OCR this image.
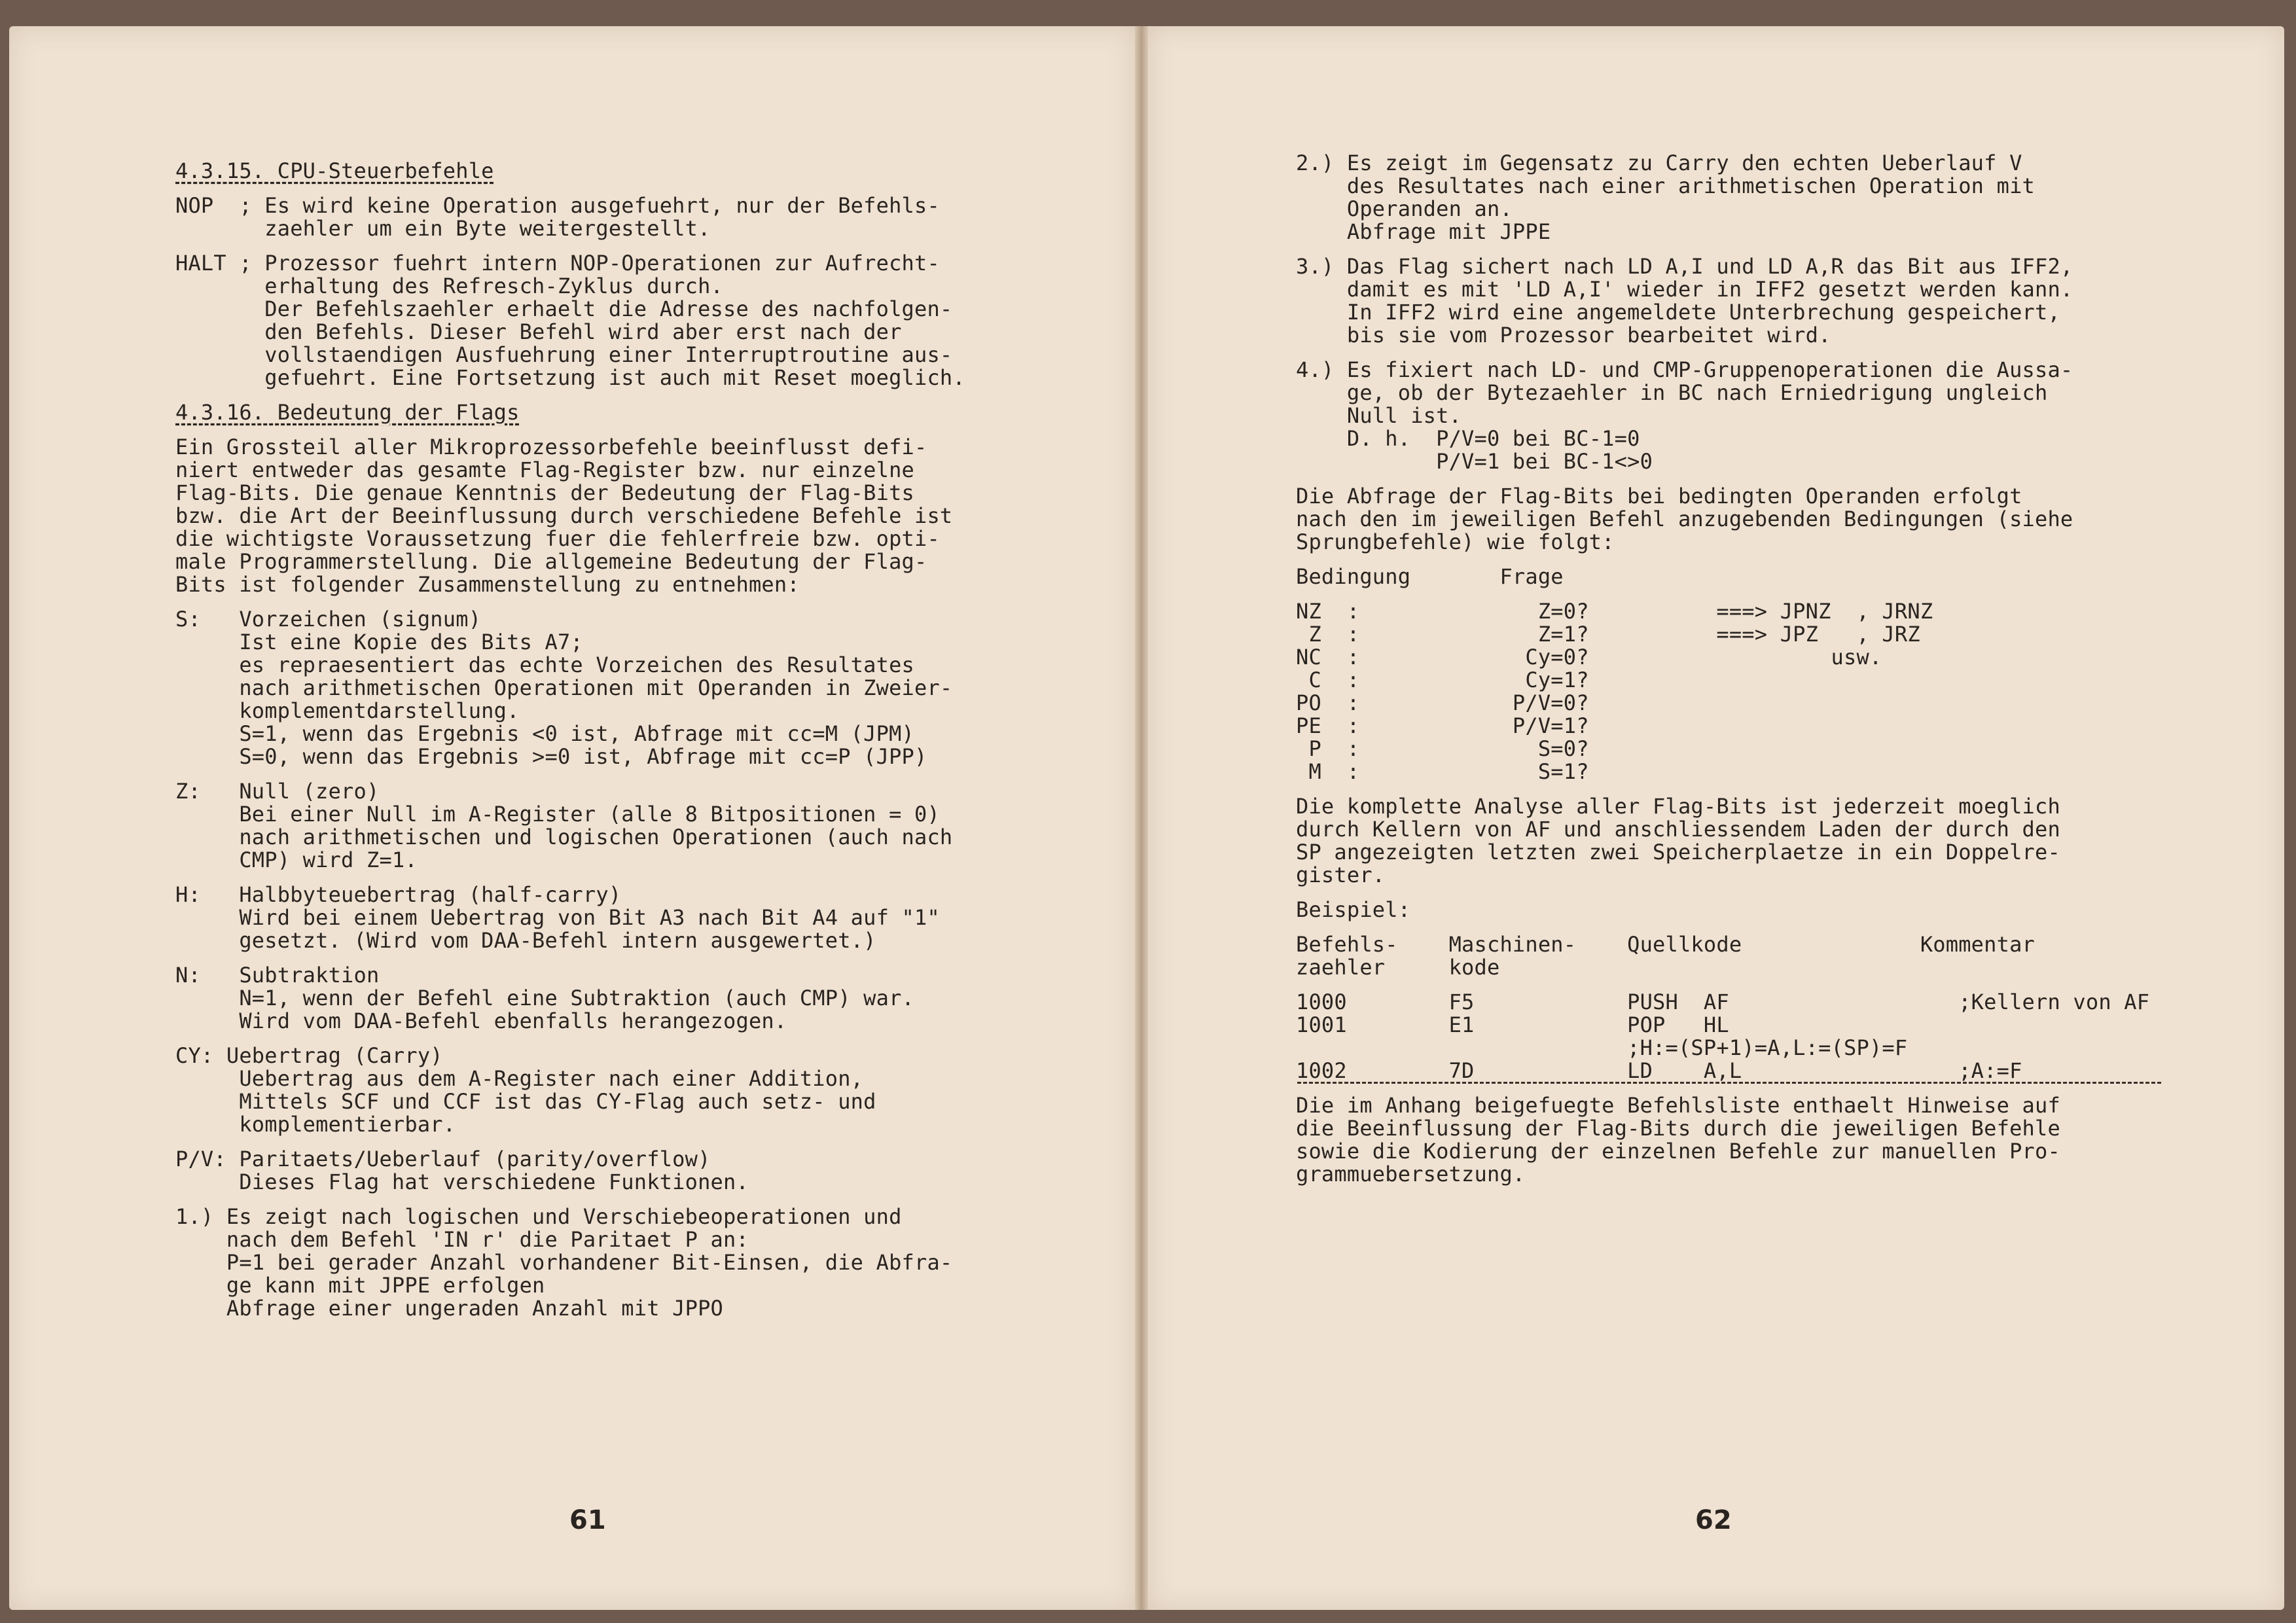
4.3.15. CPU-Steuerbefehle
NOP  ; Es wird keine Operation ausgefuehrt, nur der Befehls-
zaehler um ein Byte weitergestellt.
HALT ; Prozessor fuehrt intern NOP-Operationen zur Aufrecht-
erhaltung des Refresch-Zyklus durch.
Der Befehlszaehler erhaelt die Adresse des nachfolgen-
den Befehls. Dieser Befehl wird aber erst nach der
vollstaendigen Ausfuehrung einer Interruptroutine aus-
gefuehrt. Eine Fortsetzung ist auch mit Reset moeglich.
4.3.16. Bedeutung der Flags
Ein Grossteil aller Mikroprozessorbefehle beeinflusst defi-
niert entweder das gesamte Flag-Register bzw. nur einzelne
Flag-Bits. Die genaue Kenntnis der Bedeutung der Flag-Bits
bzw. die Art der Beeinflussung durch verschiedene Befehle ist
die wichtigste Voraussetzung fuer die fehlerfreie bzw. opti-
male Programmerstellung. Die allgemeine Bedeutung der Flag-
Bits ist folgender Zusammenstellung zu entnehmen:
S:   Vorzeichen (signum)
Ist eine Kopie des Bits A7;
es repraesentiert das echte Vorzeichen des Resultates
nach arithmetischen Operationen mit Operanden in Zweier-
komplementdarstellung.
S=1, wenn das Ergebnis <0 ist, Abfrage mit cc=M (JPM)
S=0, wenn das Ergebnis >=0 ist, Abfrage mit cc=P (JPP)
Z:   Null (zero)
Bei einer Null im A-Register (alle 8 Bitpositionen = 0)
nach arithmetischen und logischen Operationen (auch nach
CMP) wird Z=1.
H:   Halbbyteuebertrag (half-carry)
Wird bei einem Uebertrag von Bit A3 nach Bit A4 auf "1"
gesetzt. (Wird vom DAA-Befehl intern ausgewertet.)
N:   Subtraktion
N=1, wenn der Befehl eine Subtraktion (auch CMP) war.
Wird vom DAA-Befehl ebenfalls herangezogen.
CY: Uebertrag (Carry)
Uebertrag aus dem A-Register nach einer Addition,
Mittels SCF und CCF ist das CY-Flag auch setz- und
komplementierbar.
P/V: Paritaets/Ueberlauf (parity/overflow)
Dieses Flag hat verschiedene Funktionen.
1.) Es zeigt nach logischen und Verschiebeoperationen und
nach dem Befehl 'IN r' die Paritaet P an:
P=1 bei gerader Anzahl vorhandener Bit-Einsen, die Abfra-
ge kann mit JPPE erfolgen
Abfrage einer ungeraden Anzahl mit JPPO
2.) Es zeigt im Gegensatz zu Carry den echten Ueberlauf V
des Resultates nach einer arithmetischen Operation mit
Operanden an.
Abfrage mit JPPE
3.) Das Flag sichert nach LD A,I und LD A,R das Bit aus IFF2,
damit es mit 'LD A,I' wieder in IFF2 gesetzt werden kann.
In IFF2 wird eine angemeldete Unterbrechung gespeichert,
bis sie vom Prozessor bearbeitet wird.
4.) Es fixiert nach LD- und CMP-Gruppenoperationen die Aussa-
ge, ob der Bytezaehler in BC nach Erniedrigung ungleich
Null ist.
D. h.  P/V=0 bei BC-1=0
P/V=1 bei BC-1<>0
Die Abfrage der Flag-Bits bei bedingten Operanden erfolgt
nach den im jeweiligen Befehl anzugebenden Bedingungen (siehe
Sprungbefehle) wie folgt:
Bedingung       Frage
NZ  :              Z=0?          ===> JPNZ  , JRNZ
Z  :              Z=1?          ===> JPZ   , JRZ
NC  :             Cy=0?                   usw.
C  :             Cy=1?
PO  :            P/V=0?
PE  :            P/V=1?
P  :              S=0?
M  :              S=1?
Die komplette Analyse aller Flag-Bits ist jederzeit moeglich
durch Kellern von AF und anschliessendem Laden der durch den
SP angezeigten letzten zwei Speicherplaetze in ein Doppelre-
gister.
Beispiel:
Befehls-    Maschinen-    Quellkode              Kommentar
zaehler     kode
1000        F5            PUSH  AF                  ;Kellern von AF
1001        E1            POP   HL
;H:=(SP+1)=A,L:=(SP)=F
1002        7D            LD    A,L                 ;A:=F
Die im Anhang beigefuegte Befehlsliste enthaelt Hinweise auf
die Beeinflussung der Flag-Bits durch die jeweiligen Befehle
sowie die Kodierung der einzelnen Befehle zur manuellen Pro-
grammuebersetzung.
61	62
